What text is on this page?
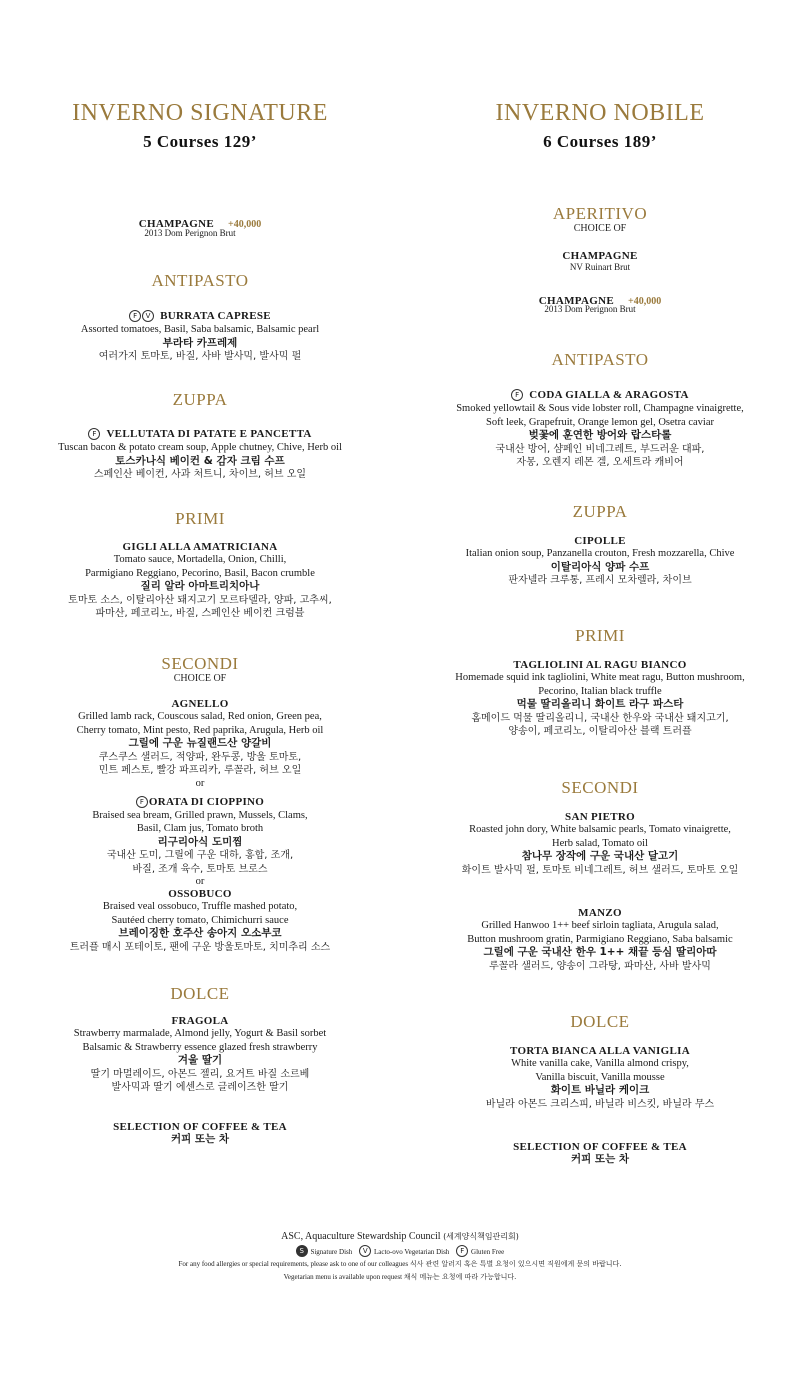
INVERNO SIGNATURE
5 Courses 129’
CHAMPAGNE +40,000
2013 Dom Perignon Brut
ANTIPASTO
F V BURRATA CAPRESE
Assorted tomatoes, Basil, Saba balsamic, Balsamic pearl
부라타 카프레제
여러가지 토마토, 바질, 사바 발사믹, 발사믹 펄
ZUPPA
F VELLUTATA DI PATATE E PANCETTA
Tuscan bacon & potato cream soup, Apple chutney, Chive, Herb oil
토스카나식 베이컨 & 감자 크림 수프
스페인산 베이컨, 사과 처트니, 차이브, 허브 오일
PRIMI
GIGLI ALLA AMATRICIANA
Tomato sauce, Mortadella, Onion, Chilli,
Parmigiano Reggiano, Pecorino, Basil, Bacon crumble
질리 알라 아마트리치아나
토마토 소스, 이탈리아산 돼지고기 모르타델라, 양파, 고추씨,
파마산, 페코리노, 바질, 스페인산 베이컨 크럼블
SECONDI
CHOICE OF
AGNELLO
Grilled lamb rack, Couscous salad, Red onion, Green pea,
Cherry tomato, Mint pesto, Red paprika, Arugula, Herb oil
그릴에 구운 뉴질랜드산 양갈비
쿠스쿠스 샐러드, 적양파, 완두콩, 방울 토마토,
민트 페스토, 빨강 파프리카, 루꼴라, 허브 오일
or
F ORATA DI CIOPPINO
Braised sea bream, Grilled prawn, Mussels, Clams,
Basil, Clam jus, Tomato broth
리구리아식 도미찜
국내산 도미, 그릴에 구운 대하, 홍합, 조개,
바질, 조개 육수, 토마토 브로스
or
OSSOBUCO
Braised veal ossobuco, Truffle mashed potato,
Sautéed cherry tomato, Chimichurri sauce
브레이징한 호주산 송아지 오소부코
트러플 매시 포테이토, 팬에 구운 방울토마토, 치미추리 소스
DOLCE
FRAGOLA
Strawberry marmalade, Almond jelly, Yogurt & Basil sorbet
Balsamic & Strawberry essence glazed fresh strawberry
겨울 딸기
딸기 마멀레이드, 아몬드 젤리, 요거트 바질 소르베
발사믹과 딸기 에센스로 글레이즈한 딸기
SELECTION OF COFFEE & TEA
커피 또는 차
INVERNO NOBILE
6 Courses 189’
APERITIVO
CHOICE OF
CHAMPAGNE
NV Ruinart Brut
CHAMPAGNE +40,000
2013 Dom Perignon Brut
ANTIPASTO
F CODA GIALLA & ARAGOSTA
Smoked yellowtail & Sous vide lobster roll, Champagne vinaigrette,
Soft leek, Grapefruit, Orange lemon gel, Osetra caviar
벚꽃에 훈연한 방어와 랍스타롤
국내산 방어, 샴페인 비네그레트, 부드러운 대파,
자몽, 오렌지 레몬 겔, 오세트라 캐비어
ZUPPA
CIPOLLE
Italian onion soup, Panzanella crouton, Fresh mozzarella, Chive
이탈리아식 양파 수프
판자넬라 크루통, 프레시 모차렐라, 차이브
PRIMI
TAGLIOLINI AL RAGU BIANCO
Homemade squid ink tagliolini, White meat ragu, Button mushroom,
Pecorino, Italian black truffle
먹물 딸리올리니 화이트 라구 파스타
홈메이드 먹물 딸리올리니, 국내산 한우와 국내산 돼지고기,
양송이, 페코리노, 이탈리아산 블랙 트러플
SECONDI
SAN PIETRO
Roasted john dory, White balsamic pearls, Tomato vinaigrette,
Herb salad, Tomato oil
참나무 장작에 구운 국내산 달고기
화이트 발사믹 펄, 토마토 비네그레트, 허브 샐러드, 토마토 오일
MANZO
Grilled Hanwoo 1++ beef sirloin tagliata, Arugula salad,
Button mushroom gratin, Parmigiano Reggiano, Saba balsamic
그릴에 구운 국내산 한우 1++ 채끝 등심 딸리아따
루꼴라 샐러드, 양송이 그라탕, 파마산, 사바 발사믹
DOLCE
TORTA BIANCA ALLA VANIGLIA
White vanilla cake, Vanilla almond crispy,
Vanilla biscuit, Vanilla mousse
화이트 바닐라 케이크
바닐라 아몬드 크리스피, 바닐라 비스킷, 바닐라 무스
SELECTION OF COFFEE & TEA
커피 또는 차
ASC, Aquaculture Stewardship Council (세계양식책임관리회)
S Signature Dish V Lacto-ovo Vegetarian Dish F Gluten Free
For any food allergies or special requirements, please ask to one of our colleagues 식사 관련 알러지 혹은 특별 요청이 있으시면 직원에게 문의 바랍니다.
Vegetarian menu is available upon request 채식 메뉴는 요청에 따라 가능합니다.
